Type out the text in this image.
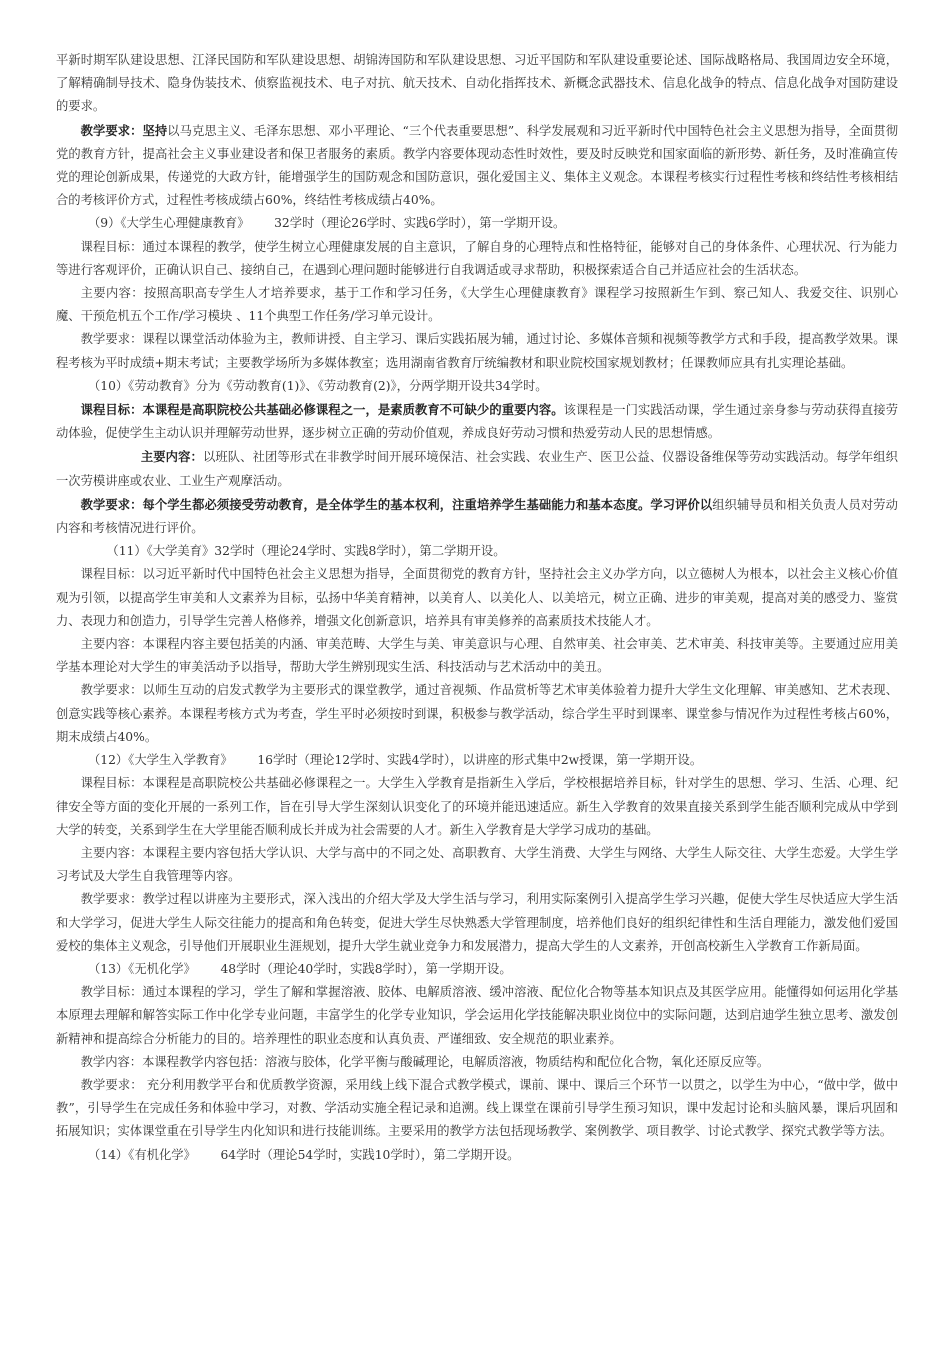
平新时期军队建设思想、江泽民国防和军队建设思想、胡锦涛国防和军队建设思想、习近平国防和军队建设重要论述、国际战略格局、我国周边安全环境，了解精确制导技术、隐身伪装技术、侦察监视技术、电子对抗、航天技术、自动化指挥技术、新概念武器技术、信息化战争的特点、信息化战争对国防建设的要求。

教学要求：坚持以马克思主义、毛泽东思想、邓小平理论、“三个代表重要思想”、科学发展观和习近平新时代中国特色社会主义思想为指导，全面贯彻党的教育方针，提高社会主义事业建设者和保卫者服务的素质。教学内容要体现动态性时效性，要及时反映党和国家面临的新形势、新任务，及时准确宣传党的理论创新成果，传递党的大政方针，能增强学生的国防观念和国防意识，强化爱国主义、集体主义观念。本课程考核实行过程性考核和终结性考核相结合的考核评价方式，过程性考核成绩占60%，终结性考核成绩占40%。

（9）《大学生心理健康教育》 32学时（理论26学时、实践6学时），第一学期开设。

课程目标：通过本课程的教学，使学生树立心理健康发展的自主意识，了解自身的心理特点和性格特征，能够对自己的身体条件、心理状况、行为能力等进行客观评价，正确认识自己、接纳自己，在遇到心理问题时能够进行自我调适或寻求帮助，积极探索适合自己并适应社会的生活状态。

主要内容：按照高职高专学生人才培养要求，基于工作和学习任务，《大学生心理健康教育》课程学习按照新生乍到、察己知人、我爱交往、识别心魔、干预危机五个工作/学习模块 、11个典型工作任务/学习单元设计。

教学要求：课程以课堂活动体验为主，教师讲授、自主学习、课后实践拓展为辅，通过讨论、多媒体音频和视频等教学方式和手段，提高教学效果。课程考核为平时成绩+期末考试；主要教学场所为多媒体教室；选用湖南省教育厅统编教材和职业院校国家规划教材；任课教师应具有扎实理论基础。

（10）《劳动教育》分为《劳动教育(1)》、《劳动教育(2)》，分两学期开设共34学时。

课程目标：本课程是高职院校公共基础必修课程之一，是素质教育不可缺少的重要内容。该课程是一门实践活动课，学生通过亲身参与劳动获得直接劳动体验，促使学生主动认识并理解劳动世界，逐步树立正确的劳动价值观，养成良好劳动习惯和热爱劳动人民的思想情感。

主要内容：以班队、社团等形式在非教学时间开展环境保洁、社会实践、农业生产、医卫公益、仪器设备维保等劳动实践活动。每学年组织一次劳模讲座或农业、工业生产观摩活动。

教学要求：每个学生都必须接受劳动教育，是全体学生的基本权利，注重培养学生基础能力和基本态度。学习评价以组织辅导员和相关负责人员对劳动内容和考核情况进行评价。

（11）《大学美育》32学时（理论24学时、实践8学时），第二学期开设。

课程目标：以习近平新时代中国特色社会主义思想为指导，全面贯彻党的教育方针，坚持社会主义办学方向，以立德树人为根本，以社会主义核心价值观为引领，以提高学生审美和人文素养为目标，弘扬中华美育精神，以美育人、以美化人、以美培元，树立正确、进步的审美观，提高对美的感受力、鉴赏力、表现力和创造力，引导学生完善人格修养，增强文化创新意识，培养具有审美修养的高素质技术技能人才。

主要内容：本课程内容主要包括美的内涵、审美范畴、大学生与美、审美意识与心理、自然审美、社会审美、艺术审美、科技审美等。主要通过应用美学基本理论对大学生的审美活动予以指导，帮助大学生辨别现实生活、科技活动与艺术活动中的美丑。

教学要求：以师生互动的启发式教学为主要形式的课堂教学，通过音视频、作品赏析等艺术审美体验着力提升大学生文化理解、审美感知、艺术表现、创意实践等核心素养。本课程考核方式为考查，学生平时必须按时到课，积极参与教学活动，综合学生平时到课率、课堂参与情况作为过程性考核占60%，期末成绩占40%。

（12）《大学生入学教育》 16学时（理论12学时、实践4学时），以讲座的形式集中2w授课，第一学期开设。

课程目标：本课程是高职院校公共基础必修课程之一。大学生入学教育是指新生入学后，学校根据培养目标，针对学生的思想、学习、生活、心理、纪律安全等方面的变化开展的一系列工作，旨在引导大学生深刻认识变化了的环境并能迅速适应。新生入学教育的效果直接关系到学生能否顺利完成从中学到大学的转变，关系到学生在大学里能否顺利成长并成为社会需要的人才。新生入学教育是大学学习成功的基础。

主要内容：本课程主要内容包括大学认识、大学与高中的不同之处、高职教育、大学生消费、大学生与网络、大学生人际交往、大学生恋爱。大学生学习考试及大学生自我管理等内容。

教学要求：教学过程以讲座为主要形式，深入浅出的介绍大学及大学生活与学习，利用实际案例引入提高学生学习兴趣，促使大学生尽快适应大学生活和大学学习，促进大学生人际交往能力的提高和角色转变，促进大学生尽快熟悉大学管理制度，培养他们良好的组织纪律性和生活自理能力，激发他们爱国爱校的集体主义观念，引导他们开展职业生涯规划，提升大学生就业竞争力和发展潜力，提高大学生的人文素养，开创高校新生入学教育工作新局面。

（13）《无机化学》 48学时（理论40学时，实践8学时），第一学期开设。

教学目标：通过本课程的学习，学生了解和掌握溶液、胶体、电解质溶液、缓冲溶液、配位化合物等基本知识点及其医学应用。能懂得如何运用化学基本原理去理解和解答实际工作中化学专业问题，丰富学生的化学专业知识，学会运用化学技能解决职业岗位中的实际问题，达到启迪学生独立思考、激发创新精神和提高综合分析能力的目的。培养理性的职业态度和认真负责、严谨细致、安全规范的职业素养。

教学内容：本课程教学内容包括：溶液与胶体，化学平衡与酸碱理论，电解质溶液，物质结构和配位化合物，氧化还原反应等。

教学要求： 充分利用教学平台和优质教学资源，采用线上线下混合式教学模式，课前、课中、课后三个环节一以贯之，以学生为中心，“做中学，做中教”，引导学生在完成任务和体验中学习，对教、学活动实施全程记录和追溯。线上课堂在课前引导学生预习知识，课中发起讨论和头脑风暴，课后巩固和拓展知识；实体课堂重在引导学生内化知识和进行技能训练。主要采用的教学方法包括现场教学、案例教学、项目教学、讨论式教学、探究式教学等方法。

（14）《有机化学》 64学时（理论54学时，实践10学时），第二学期开设。
